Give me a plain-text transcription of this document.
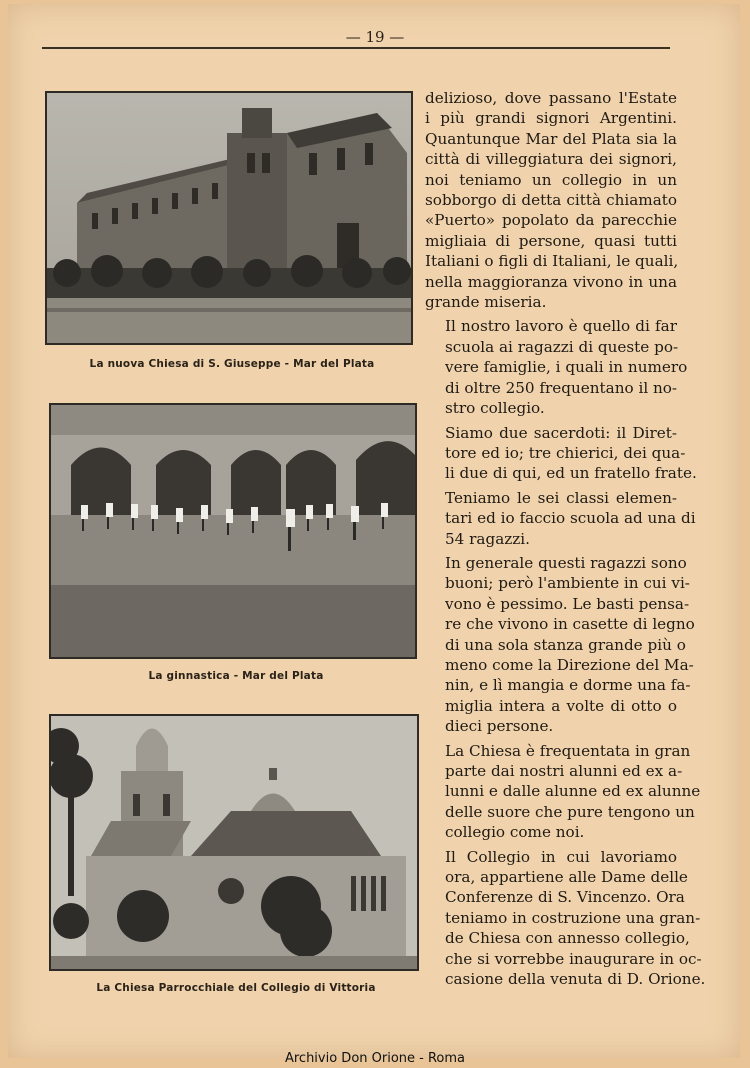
— 19 —
La nuova Chiesa di S. Giuseppe - Mar del Plata
La ginnastica - Mar del Plata
La Chiesa Parrocchiale del Collegio di Vittoria

delizioso, dove passano l'Estate
i più grandi signori Argentini.
Quantunque Mar del Plata sia la
città di villeggiatura dei signori,
noi teniamo un collegio in un
sobborgo di detta città chiamato
«Puerto» popolato da parecchie
migliaia di persone, quasi tutti
Italiani o figli di Italiani, le quali,
nella maggioranza vivono in una
grande miseria.

Il nostro lavoro è quello di far
scuola ai ragazzi di queste po-
vere famiglie, i quali in numero
di oltre 250 frequentano il no-
stro collegio.

Siamo due sacerdoti: il Diret-
tore ed io; tre chierici, dei qua-
li due di qui, ed un fratello frate.

Teniamo le sei classi elemen-
tari ed io faccio scuola ad una di
54 ragazzi.

In generale questi ragazzi sono
buoni; però l'ambiente in cui vi-
vono è pessimo. Le basti pensa-
re che vivono in casette di legno
di una sola stanza grande più o
meno come la Direzione del Ma-
nin, e lì mangia e dorme una fa-
miglia intera a volte di otto o
dieci persone.

La Chiesa è frequentata in gran
parte dai nostri alunni ed ex a-
lunni e dalle alunne ed ex alunne
delle suore che pure tengono un
collegio come noi.

Il Collegio in cui lavoriamo
ora, appartiene alle Dame delle
Conferenze di S. Vincenzo. Ora
teniamo in costruzione una gran-
de Chiesa con annesso collegio,
che si vorrebbe inaugurare in oc-
casione della venuta di D. Orione.

Archivio Don Orione - Roma
